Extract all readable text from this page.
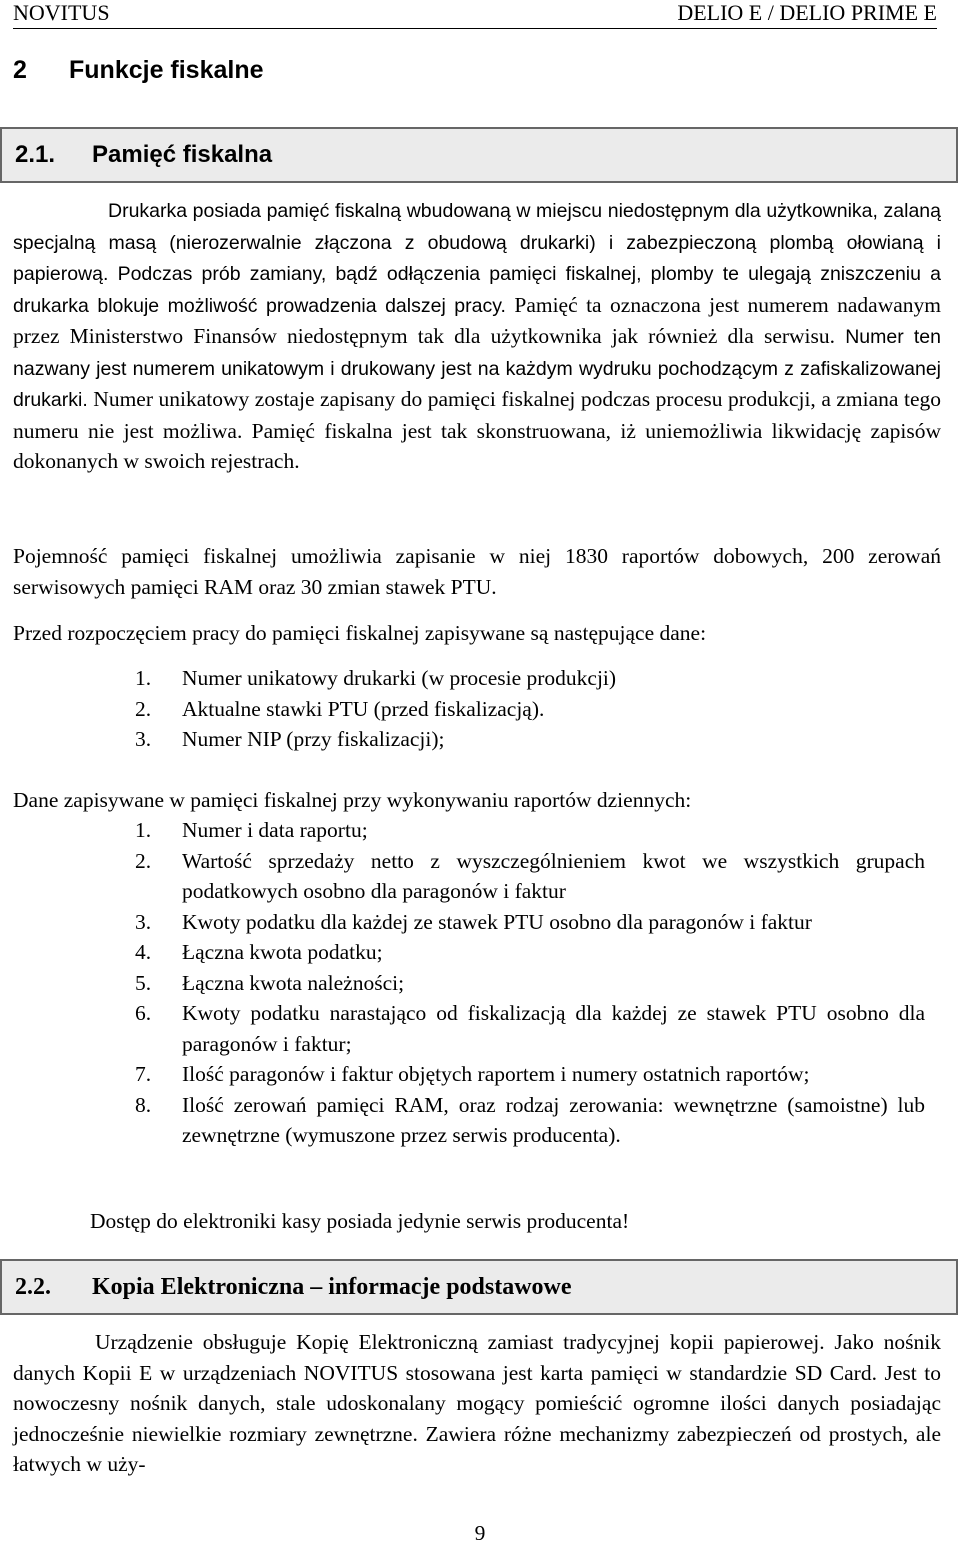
NOVITUS	DELIO E / DELIO PRIME E
2 Funkcje fiskalne
2.1. Pamięć fiskalna

Drukarka posiada pamięć fiskalną wbudowaną w miejscu niedostępnym dla użytkownika, zalaną specjalną masą (nierozerwalnie złączona z obudową drukarki) i zabezpieczoną plombą ołowianą i papierową. Podczas prób zamiany, bądź odłączenia pamięci fiskalnej, plomby te ulegają zniszczeniu a drukarka blokuje możliwość prowadzenia dalszej pracy. Pamięć ta oznaczona jest numerem nadawanym przez Ministerstwo Finansów niedostępnym tak dla użytkownika jak również dla serwisu. Numer ten nazwany jest numerem unikatowym i drukowany jest na każdym wydruku pochodzącym z zafiskalizowanej drukarki. Numer unikatowy zostaje zapisany do pamięci fiskalnej podczas procesu produkcji, a zmiana tego numeru nie jest możliwa. Pamięć fiskalna jest tak skonstruowana, iż uniemożliwia likwidację zapisów dokonanych w swoich rejestrach.

Pojemność pamięci fiskalnej umożliwia zapisanie w niej 1830 raportów dobowych, 200 zerowań serwisowych pamięci RAM oraz 30 zmian stawek PTU.

Przed rozpoczęciem pracy do pamięci fiskalnej zapisywane są następujące dane:

1. Numer unikatowy drukarki (w procesie produkcji)
2. Aktualne stawki PTU (przed fiskalizacją).
3. Numer NIP (przy fiskalizacji);

Dane zapisywane w pamięci fiskalnej przy wykonywaniu raportów dziennych:

1. Numer i data raportu;
2. Wartość sprzedaży netto z wyszczególnieniem kwot we wszystkich grupach podatkowych osobno dla paragonów i faktur
3. Kwoty podatku dla każdej ze stawek PTU osobno dla paragonów i faktur
4. Łączna kwota podatku;
5. Łączna kwota należności;
6. Kwoty podatku narastająco od fiskalizacją dla każdej ze stawek PTU osobno dla paragonów i faktur;
7. Ilość paragonów i faktur objętych raportem i numery ostatnich raportów;
8. Ilość zerowań pamięci RAM, oraz rodzaj zerowania: wewnętrzne (samoistne) lub zewnętrzne (wymuszone przez serwis producenta).

Dostęp do elektroniki kasy posiada jedynie serwis producenta!

2.2. Kopia Elektroniczna – informacje podstawowe

Urządzenie obsługuje Kopię Elektroniczną zamiast tradycyjnej kopii papierowej. Jako nośnik danych Kopii E w urządzeniach NOVITUS stosowana jest karta pamięci w standardzie SD Card. Jest to nowoczesny nośnik danych, stale udoskonalany mogący pomieścić ogromne ilości danych posiadając jednocześnie niewielkie rozmiary zewnętrzne. Zawiera różne mechanizmy zabezpieczeń od prostych, ale łatwych w uży-

9
